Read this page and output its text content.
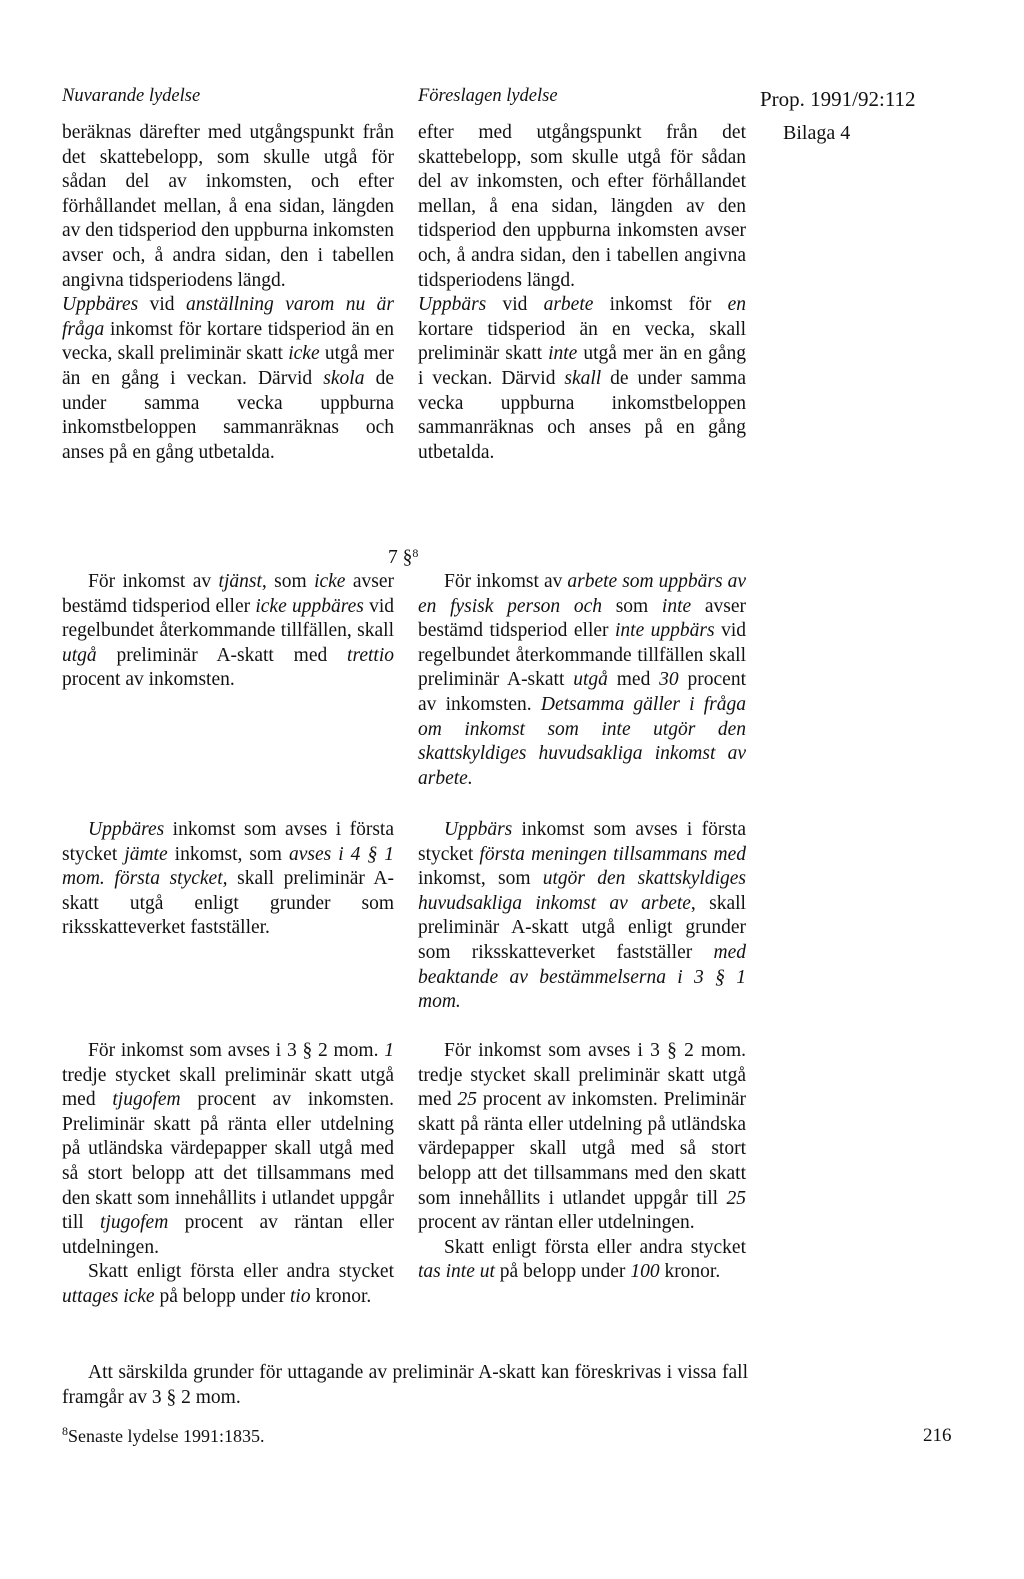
Nuvarande lydelse	Föreslagen lydelse	Prop. 1991/92:112
Bilaga 4

beräknas därefter med utgångspunkt från det skattebelopp, som skulle utgå för sådan del av inkomsten, och efter förhållandet mellan, å ena sidan, längden av den tidsperiod den uppburna inkomsten avser och, å andra sidan, den i tabellen angivna tidsperiodens längd.

Uppbäres vid anställning varom nu är fråga inkomst för kortare tidsperiod än en vecka, skall preliminär skatt icke utgå mer än en gång i veckan. Därvid skola de under samma vecka uppburna inkomstbeloppen sammanräknas och anses på en gång utbetalda.

efter med utgångspunkt från det skattebelopp, som skulle utgå för sådan del av inkomsten, och efter förhållandet mellan, å ena sidan, längden av den tidsperiod den uppburna inkomsten avser och, å andra sidan, den i tabellen angivna tidsperiodens längd.

Uppbärs vid arbete inkomst för en kortare tidsperiod än en vecka, skall preliminär skatt inte utgå mer än en gång i veckan. Därvid skall de under samma vecka uppburna inkomstbeloppen sammanräknas och anses på en gång utbetalda.

7 §$^8$

För inkomst av tjänst, som icke avser bestämd tidsperiod eller icke uppbäres vid regelbundet återkommande tillfällen, skall utgå preliminär A-skatt med trettio procent av inkomsten.

För inkomst av arbete som uppbärs av en fysisk person och som inte avser bestämd tidsperiod eller inte uppbärs vid regelbundet återkommande tillfällen skall preliminär A-skatt utgå med 30 procent av inkomsten. Detsamma gäller i fråga om inkomst som inte utgör den skattskyldiges huvudsakliga inkomst av arbete.

Uppbäres inkomst som avses i första stycket jämte inkomst, som avses i 4 § 1 mom. första stycket, skall preliminär A-skatt utgå enligt grunder som riksskatteverket fastställer.

Uppbärs inkomst som avses i första stycket första meningen tillsammans med inkomst, som utgör den skattskyldiges huvudsakliga inkomst av arbete, skall preliminär A-skatt utgå enligt grunder som riksskatteverket fastställer med beaktande av bestämmelserna i 3 § 1 mom.

För inkomst som avses i 3 § 2 mom. 1 tredje stycket skall preliminär skatt utgå med tjugofem procent av inkomsten. Preliminär skatt på ränta eller utdelning på utländska värdepapper skall utgå med så stort belopp att det tillsammans med den skatt som innehållits i utlandet uppgår till tjugofem procent av räntan eller utdelningen.

Skatt enligt första eller andra stycket uttages icke på belopp under tio kronor.

För inkomst som avses i 3 § 2 mom. tredje stycket skall preliminär skatt utgå med 25 procent av inkomsten. Preliminär skatt på ränta eller utdelning på utländska värdepapper skall utgå med så stort belopp att det tillsammans med den skatt som innehållits i utlandet uppgår till 25 procent av räntan eller utdelningen.

Skatt enligt första eller andra stycket tas inte ut på belopp under 100 kronor.

Att särskilda grunder för uttagande av preliminär A-skatt kan föreskrivas i vissa fall framgår av 3 § 2 mom.

$^8$Senaste lydelse 1991:1835.	216
